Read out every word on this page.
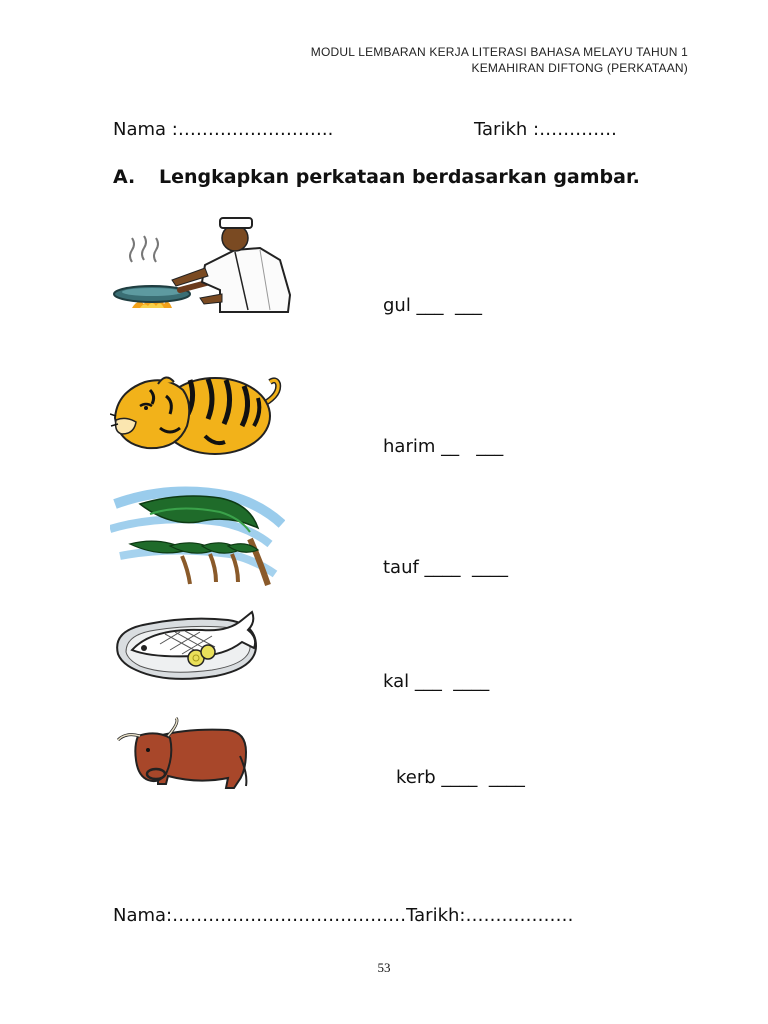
MODUL LEMBARAN KERJA LITERASI BAHASA MELAYU TAHUN 1
KEMAHIRAN DIFTONG (PERKATAAN)
Nama :……………………..	Tarikh :………….
A. Lengkapkan perkataan berdasarkan gambar.
gul ___  ___
harim __   ___
tauf ____  ____
kal ___  ____
kerb ____  ____
Nama:…………………………………Tarikh:………………
53
